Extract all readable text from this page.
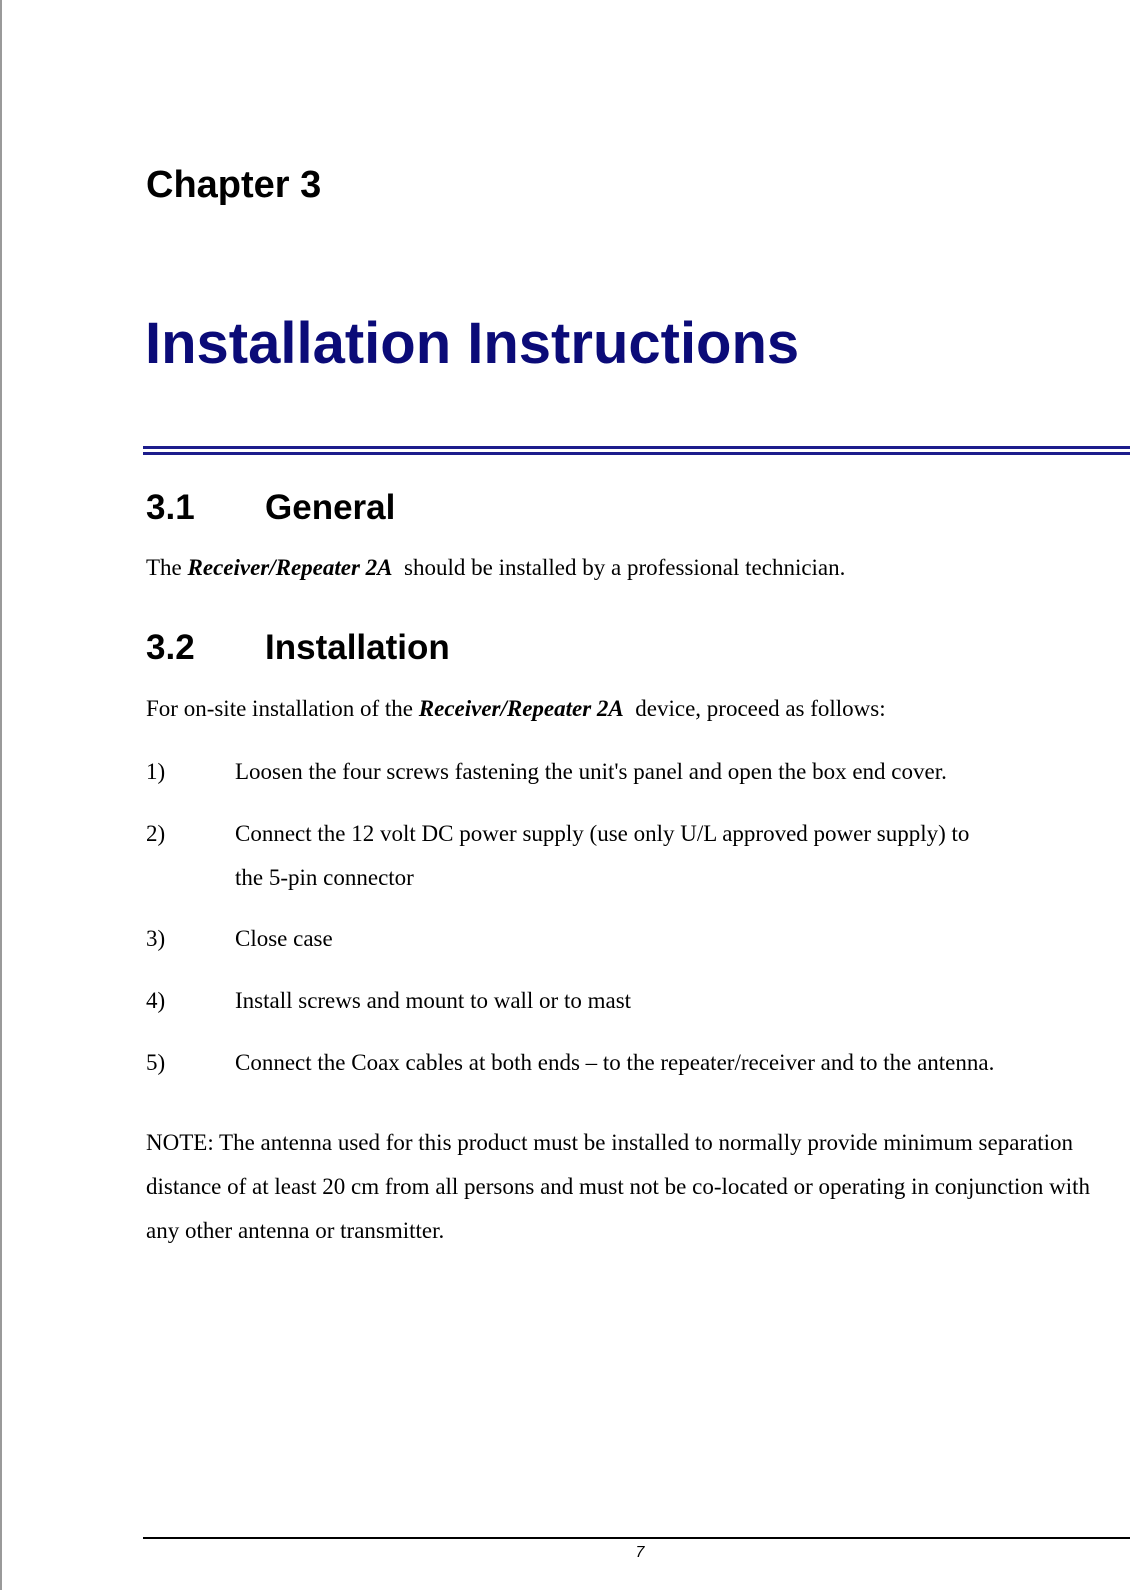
Chapter 3
Installation Instructions
3.1 General

The Receiver/Repeater 2A  should be installed by a professional technician.

3.2 Installation

For on-site installation of the Receiver/Repeater 2A  device, proceed as follows:

1)	Loosen the four screws fastening the unit's panel and open the box end cover.
2)	Connect the 12 volt DC power supply (use only U/L approved power supply) to
the 5-pin connector
3)	Close case
4)	Install screws and mount to wall or to mast
5)	Connect the Coax cables at both ends – to the repeater/receiver and to the antenna.

NOTE: The antenna used for this product must be installed to normally provide minimum separation distance of at least 20 cm from all persons and must not be co-located or operating in conjunction with any other antenna or transmitter.

7
